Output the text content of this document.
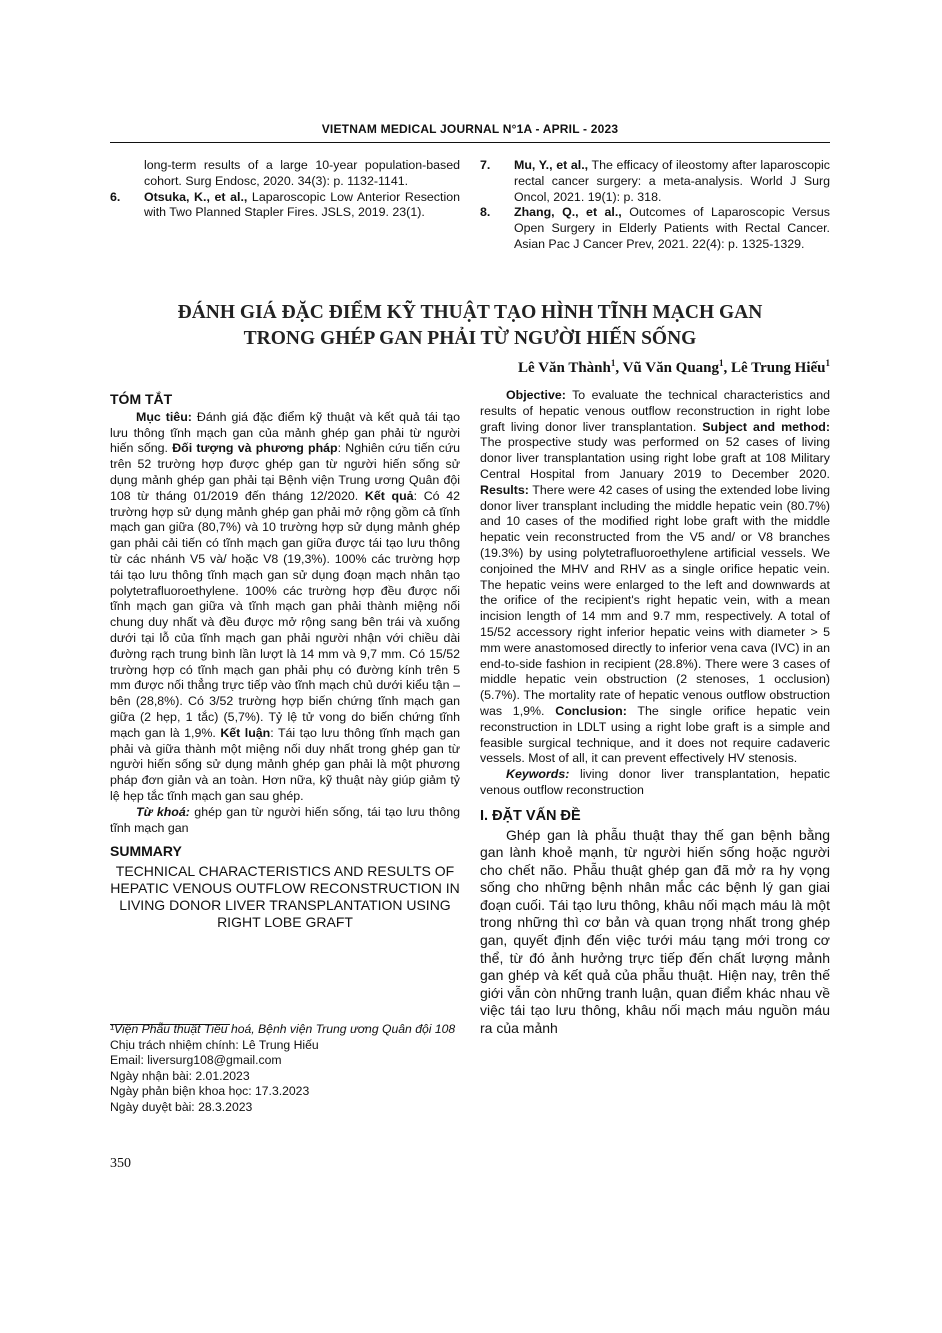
VIETNAM MEDICAL JOURNAL N°1A - APRIL - 2023
long-term results of a large 10-year population-based cohort. Surg Endosc, 2020. 34(3): p. 1132-1141.
6.	Otsuka, K., et al., Laparoscopic Low Anterior Resection with Two Planned Stapler Fires. JSLS, 2019. 23(1).
7.	Mu, Y., et al., The efficacy of ileostomy after laparoscopic rectal cancer surgery: a meta-analysis. World J Surg Oncol, 2021. 19(1): p. 318.
8.	Zhang, Q., et al., Outcomes of Laparoscopic Versus Open Surgery in Elderly Patients with Rectal Cancer. Asian Pac J Cancer Prev, 2021. 22(4): p. 1325-1329.
ĐÁNH GIÁ ĐẶC ĐIỂM KỸ THUẬT TẠO HÌNH TĨNH MẠCH GAN
TRONG GHÉP GAN PHẢI TỪ NGƯỜI HIẾN SỐNG
Lê Văn Thành$^1$, Vũ Văn Quang$^1$, Lê Trung Hiếu$^1$
TÓM TẮT

Mục tiêu: Đánh giá đặc điểm kỹ thuật và kết quả tái tạo lưu thông tĩnh mạch gan của mảnh ghép gan phải từ người hiến sống. Đối tượng và phương pháp: Nghiên cứu tiến cứu trên 52 trường hợp được ghép gan từ người hiến sống sử dụng mảnh ghép gan phải tại Bệnh viện Trung ương Quân đội 108 từ tháng 01/2019 đến tháng 12/2020. Kết quả: Có 42 trường hợp sử dụng mảnh ghép gan phải mở rộng gồm cả tĩnh mạch gan giữa (80,7%) và 10 trường hợp sử dụng mảnh ghép gan phải cải tiến có tĩnh mạch gan giữa được tái tạo lưu thông từ các nhánh V5 và/ hoặc V8 (19,3%). 100% các trường hợp tái tạo lưu thông tĩnh mạch gan sử dụng đoạn mạch nhân tạo polytetrafluoroethylene. 100% các trường hợp đều được nối tĩnh mạch gan giữa và tĩnh mạch gan phải thành miệng nối chung duy nhất và đều được mở rộng sang bên trái và xuống dưới tại lỗ của tĩnh mạch gan phải người nhận với chiều dài đường rạch trung bình lần lượt là 14 mm và 9,7 mm. Có 15/52 trường hợp có tĩnh mạch gan phải phụ có đường kính trên 5 mm được nối thẳng trực tiếp vào tĩnh mạch chủ dưới kiểu tận – bên (28,8%). Có 3/52 trường hợp biến chứng tĩnh mạch gan giữa (2 hẹp, 1 tắc) (5,7%). Tỷ lệ tử vong do biến chứng tĩnh mạch gan là 1,9%. Kết luận: Tái tạo lưu thông tĩnh mạch gan phải và giữa thành một miệng nối duy nhất trong ghép gan từ người hiến sống sử dụng mảnh ghép gan phải là một phương pháp đơn giản và an toàn. Hơn nữa, kỹ thuật này giúp giảm tỷ lệ hẹp tắc tĩnh mạch gan sau ghép.

Từ khoá: ghép gan từ người hiến sống, tái tạo lưu thông tĩnh mạch gan

SUMMARY
TECHNICAL CHARACTERISTICS AND RESULTS OF HEPATIC VENOUS OUTFLOW RECONSTRUCTION IN LIVING DONOR LIVER TRANSPLANTATION USING RIGHT LOBE GRAFT
¹Viện Phẫu thuật Tiêu hoá, Bệnh viện Trung ương Quân đội 108
Chịu trách nhiệm chính: Lê Trung Hiếu
Email: liversurg108@gmail.com
Ngày nhận bài: 2.01.2023
Ngày phản biện khoa học: 17.3.2023
Ngày duyệt bài: 28.3.2023
350

Objective: To evaluate the technical characteristics and results of hepatic venous outflow reconstruction in right lobe graft living donor liver transplantation. Subject and method: The prospective study was performed on 52 cases of living donor liver transplantation using right lobe graft at 108 Military Central Hospital from January 2019 to December 2020. Results: There were 42 cases of using the extended lobe living donor liver transplant including the middle hepatic vein (80.7%) and 10 cases of the modified right lobe graft with the middle hepatic vein reconstructed from the V5 and/ or V8 branches (19.3%) by using polytetrafluoroethylene artificial vessels. We conjoined the MHV and RHV as a single orifice hepatic vein. The hepatic veins were enlarged to the left and downwards at the orifice of the recipient's right hepatic vein, with a mean incision length of 14 mm and 9.7 mm, respectively. A total of 15/52 accessory right inferior hepatic veins with diameter > 5 mm were anastomosed directly to inferior vena cava (IVC) in an end-to-side fashion in recipient (28.8%). There were 3 cases of middle hepatic vein obstruction (2 stenoses, 1 occlusion) (5.7%). The mortality rate of hepatic venous outflow obstruction was 1,9%. Conclusion: The single orifice hepatic vein reconstruction in LDLT using a right lobe graft is a simple and feasible surgical technique, and it does not require cadaveric vessels. Most of all, it can prevent effectively HV stenosis.

Keywords: living donor liver transplantation, hepatic venous outflow reconstruction

I. ĐẶT VẤN ĐỀ

Ghép gan là phẫu thuật thay thế gan bệnh bằng gan lành khoẻ mạnh, từ người hiến sống hoặc người cho chết não. Phẫu thuật ghép gan đã mở ra hy vọng sống cho những bệnh nhân mắc các bệnh lý gan giai đoạn cuối. Tái tạo lưu thông, khâu nối mạch máu là một trong những thì cơ bản và quan trọng nhất trong ghép gan, quyết định đến việc tưới máu tạng mới trong cơ thể, từ đó ảnh hưởng trực tiếp đến chất lượng mảnh gan ghép và kết quả của phẫu thuật. Hiện nay, trên thế giới vẫn còn những tranh luận, quan điểm khác nhau về việc tái tạo lưu thông, khâu nối mạch máu nguồn máu ra của mảnh
